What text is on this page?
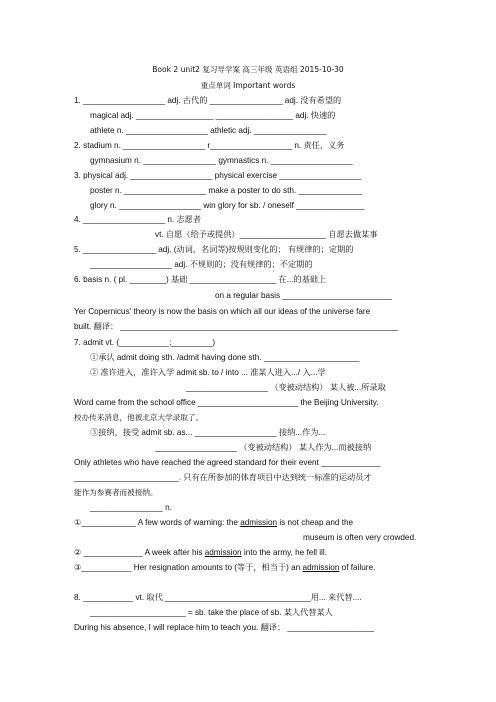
Book 2 unit2 复习导学案 高三年级 英语组 2015-10-30
重点单词 Important words
1. __________________ adj. 古代的 ________________ adj. 没有希望的
magical adj. _________________ _________________ adj. 快速的
athlete n. __________________ athletic adj. ________________
2. stadium n. __________________ r__________________ n. 责任，义务
gymnasium n. ________________ gymnastics n. __________________
3. physical adj. __________________ physical exercise __________________
poster n. __________________ make a poster to do sth. ______________
glory n. __________________ win glory for sb. / oneself _______________
4. __________________ n. 志愿者
vt. 自愿（给予或提供）___________________ 自愿去做某事
5. ________________ adj. (动词，名词等)按规则变化的； 有规律的；定期的
__________________ adj. 不规则的；没有规律的；不定期的
6. basis n. ( pl. ________) 基础 ___________________ 在...的基础上
on a regular basis ________________________
Yer Copernicus' theory is now the basis on which all our ideas of the universe fare
built. 翻译： _____________________________________________________________
7. admit vt. (___________;_________)
①承认 admit doing sth. /admit having done sth. _____________________
② 准许进入，准许入学 admit sb. to / into ... 准某人进入.../ 入...学
__________________ （变被动结构） 某人被...所录取
Word came from the school office ______________________ the Beijing University.
校办传来消息，他被北京大学录取了。
③接纳，接受 admit sb. as... __________________ 接纳...作为...
__________________ （变被动结构） 某人作为...而被接纳
Only athletes who have reached the agreed standard for their event _____________
_______________________. 只有在所参加的体育项目中达到统一标准的运动员才
能作为参赛者而被接纳。
________________ n.
①____________ A few words of warning: the admission is not cheap and the
museum is often very crowded.
② _____________ A week after his admission into the army, he fell ill.
③___________ Her resignation amounts to (等于，相当于) an admission of failure.
8. ___________ vt. 取代 ________________________________用... 来代替....
_____________________ = sb. take the place of sb. 某人代替某人
During his absence, I will replace him to teach you. 翻译： ___________________
